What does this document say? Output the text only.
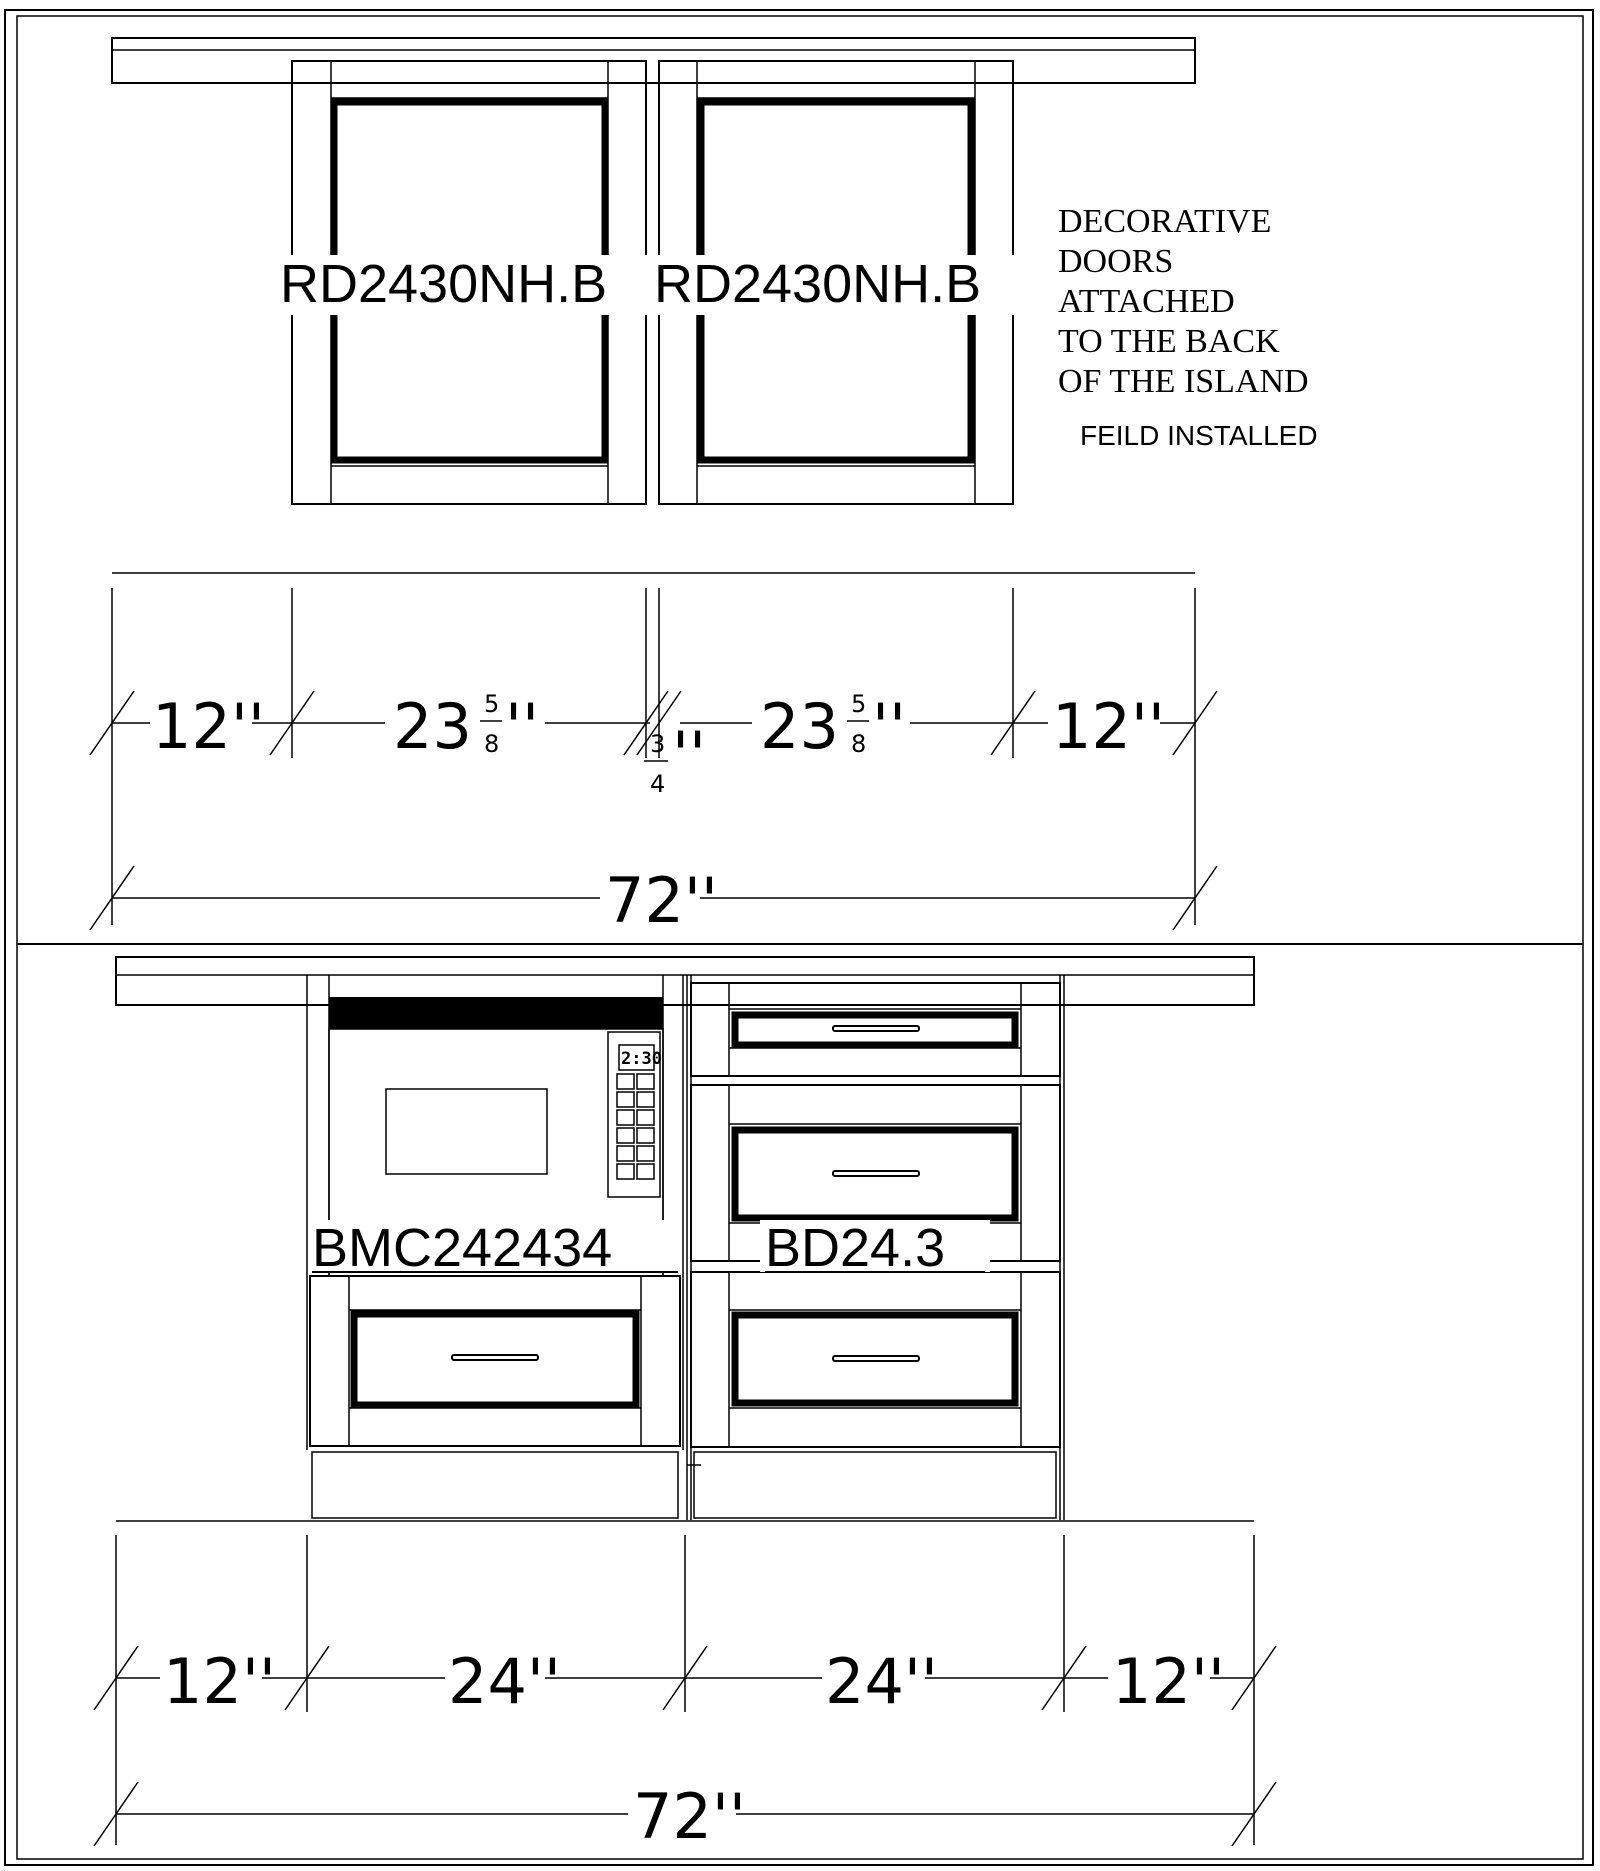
RD2430NH.B RD2430NH.B
DECORATIVE
DOORS
ATTACHED
TO THE BACK
OF THE ISLAND
FEILD INSTALLED
12'' 23 5
8 ''	3
4 '' 23 5
8 '' 12''
72''
2:30
BMC242434	BD24.3
12''	24''	24''	12''
72''
